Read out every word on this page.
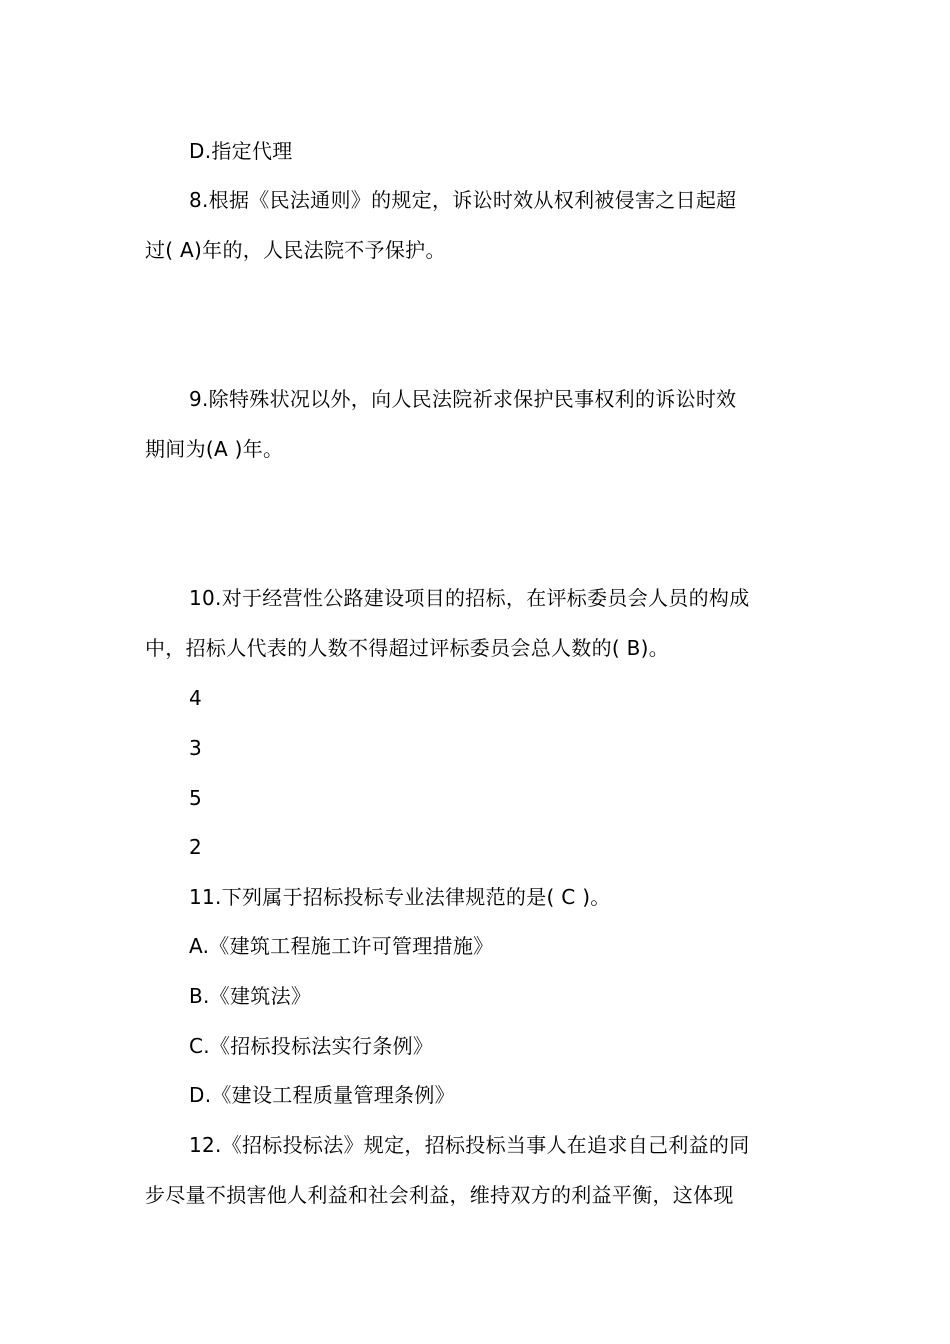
D.指定代理
8.根据《民法通则》的规定，诉讼时效从权利被侵害之日起超
过( A)年的，人民法院不予保护。
9.除特殊状况以外，向人民法院祈求保护民事权利的诉讼时效
期间为(A )年。
10.对于经营性公路建设项目的招标，在评标委员会人员的构成
中，招标人代表的人数不得超过评标委员会总人数的( B)。
4
3
5
2
11.下列属于招标投标专业法律规范的是( C )。
A.《建筑工程施工许可管理措施》
B.《建筑法》
C.《招标投标法实行条例》
D.《建设工程质量管理条例》
12.《招标投标法》规定，招标投标当事人在追求自己利益的同
步尽量不损害他人利益和社会利益，维持双方的利益平衡，这体现
